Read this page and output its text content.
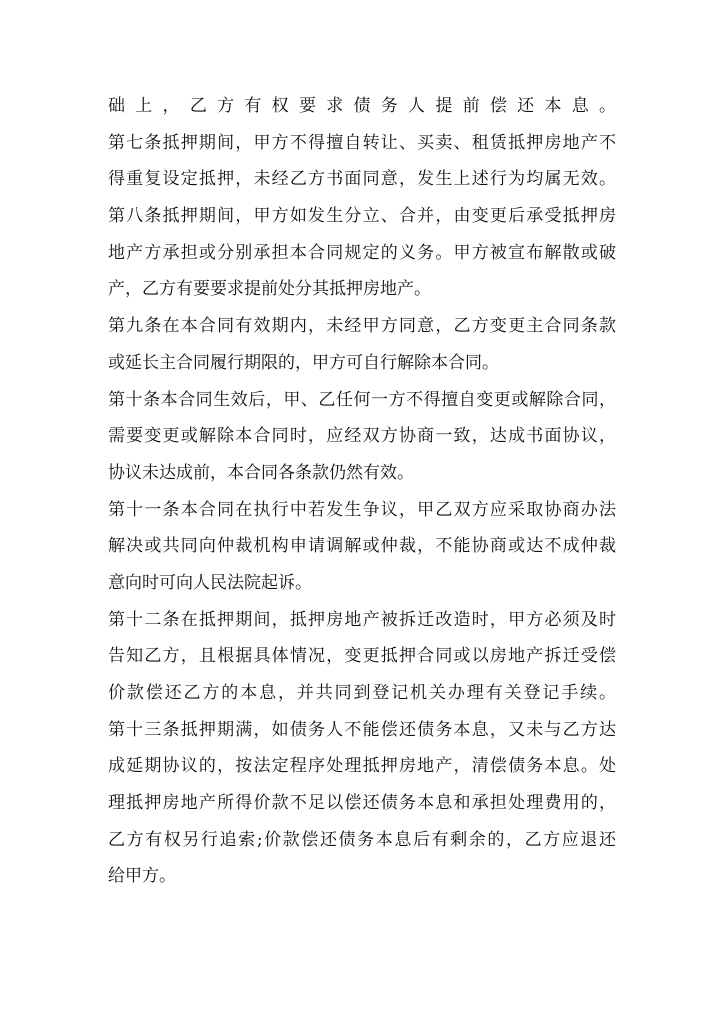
础上，乙方有权要求债务人提前偿还本息。
第七条抵押期间，甲方不得擅自转让、买卖、租赁抵押房地产不
得重复设定抵押，未经乙方书面同意，发生上述行为均属无效。
第八条抵押期间，甲方如发生分立、合并，由变更后承受抵押房
地产方承担或分别承担本合同规定的义务。甲方被宣布解散或破
产，乙方有要要求提前处分其抵押房地产。
第九条在本合同有效期内，未经甲方同意，乙方变更主合同条款
或延长主合同履行期限的，甲方可自行解除本合同。
第十条本合同生效后，甲、乙任何一方不得擅自变更或解除合同，
需要变更或解除本合同时，应经双方协商一致，达成书面协议，
协议未达成前，本合同各条款仍然有效。
第十一条本合同在执行中若发生争议，甲乙双方应采取协商办法
解决或共同向仲裁机构申请调解或仲裁，不能协商或达不成仲裁
意向时可向人民法院起诉。
第十二条在抵押期间，抵押房地产被拆迁改造时，甲方必须及时
告知乙方，且根据具体情况，变更抵押合同或以房地产拆迁受偿
价款偿还乙方的本息，并共同到登记机关办理有关登记手续。
第十三条抵押期满，如债务人不能偿还债务本息，又未与乙方达
成延期协议的，按法定程序处理抵押房地产，清偿债务本息。处
理抵押房地产所得价款不足以偿还债务本息和承担处理费用的，
乙方有权另行追索;价款偿还债务本息后有剩余的，乙方应退还
给甲方。
